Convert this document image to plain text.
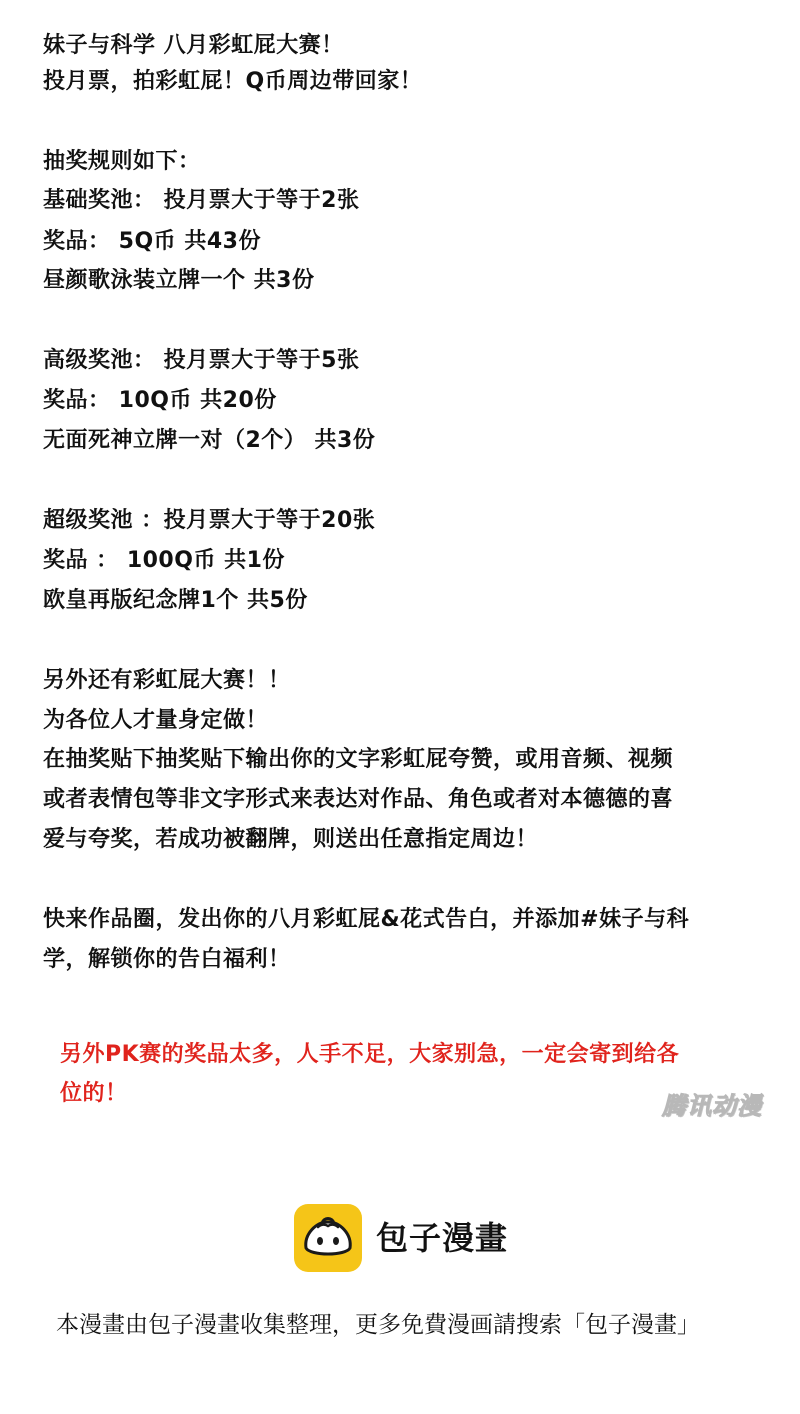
妹子与科学 八月彩虹屁大赛！
投月票，拍彩虹屁！Q币周边带回家！
抽奖规则如下：
基础奖池： 投月票大于等于2张
奖品： 5Q币 共43份
昼颜歌泳装立牌一个 共3份
高级奖池： 投月票大于等于5张
奖品： 10Q币 共20份
无面死神立牌一对（2个） 共3份
超级奖池 ：投月票大于等于20张
奖品 ： 100Q币 共1份
欧皇再版纪念牌1个 共5份
另外还有彩虹屁大赛！！
为各位人才量身定做！
在抽奖贴下抽奖贴下输出你的文字彩虹屁夸赞，或用音频、视频
或者表情包等非文字形式来表达对作品、角色或者对本德德的喜
爱与夸奖，若成功被翻牌，则送出任意指定周边！
快来作品圈，发出你的八月彩虹屁&花式告白，并添加#妹子与科
学，解锁你的告白福利！
另外PK赛的奖品太多，人手不足，大家别急，一定会寄到给各
位的！	腾讯动漫
包子漫畫
本漫畫由包子漫畫收集整理，更多免費漫画請搜索「包子漫畫」
